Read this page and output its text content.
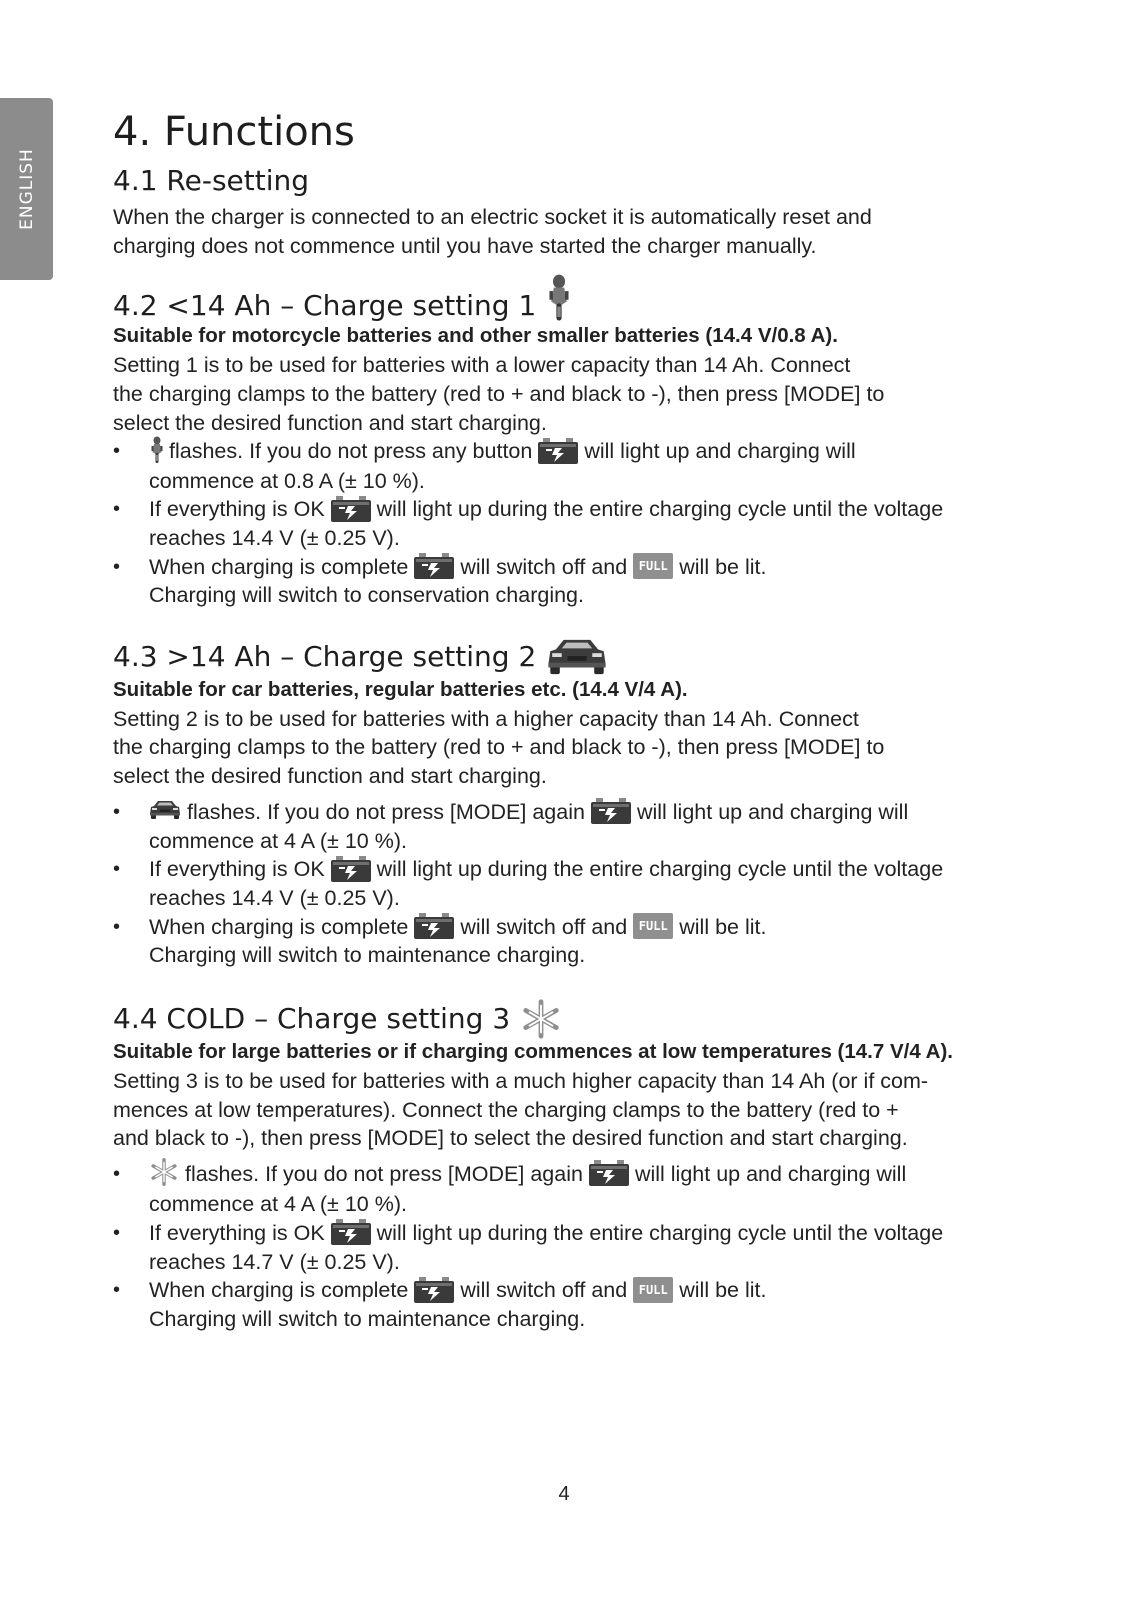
ENGLISH
4. Functions
4.1 Re-setting

When the charger is connected to an electric socket it is automatically reset and

charging does not commence until you have started the charger manually.

4.2 <14 Ah – Charge setting 1

Suitable for motorcycle batteries and other smaller batteries (14.4 V/0.8 A).

Setting 1 is to be used for batteries with a lower capacity than 14 Ah. Connect

the charging clamps to the battery (red to + and black to -), then press [MODE] to

select the desired function and start charging.

• flashes. If you do not press any button will light up and charging will
commence at 0.8 A (± 10 %).
• If everything is OK will light up during the entire charging cycle until the voltage
reaches 14.4 V (± 0.25 V).
• When charging is complete will switch off and FULL will be lit.
Charging will switch to conservation charging.
4.3 >14 Ah – Charge setting 2

Suitable for car batteries, regular batteries etc. (14.4 V/4 A).

Setting 2 is to be used for batteries with a higher capacity than 14 Ah. Connect

the charging clamps to the battery (red to + and black to -), then press [MODE] to

select the desired function and start charging.

• flashes. If you do not press [MODE] again will light up and charging will
commence at 4 A (± 10 %).
• If everything is OK will light up during the entire charging cycle until the voltage
reaches 14.4 V (± 0.25 V).
• When charging is complete will switch off and FULL will be lit.
Charging will switch to maintenance charging.
4.4 COLD – Charge setting 3

Suitable for large batteries or if charging commences at low temperatures (14.7 V/4 A).

Setting 3 is to be used for batteries with a much higher capacity than 14 Ah (or if com-

mences at low temperatures). Connect the charging clamps to the battery (red to +

and black to -), then press [MODE] to select the desired function and start charging.

• flashes. If you do not press [MODE] again will light up and charging will
commence at 4 A (± 10 %).
• If everything is OK will light up during the entire charging cycle until the voltage
reaches 14.7 V (± 0.25 V).
• When charging is complete will switch off and FULL will be lit.
Charging will switch to maintenance charging.
4
